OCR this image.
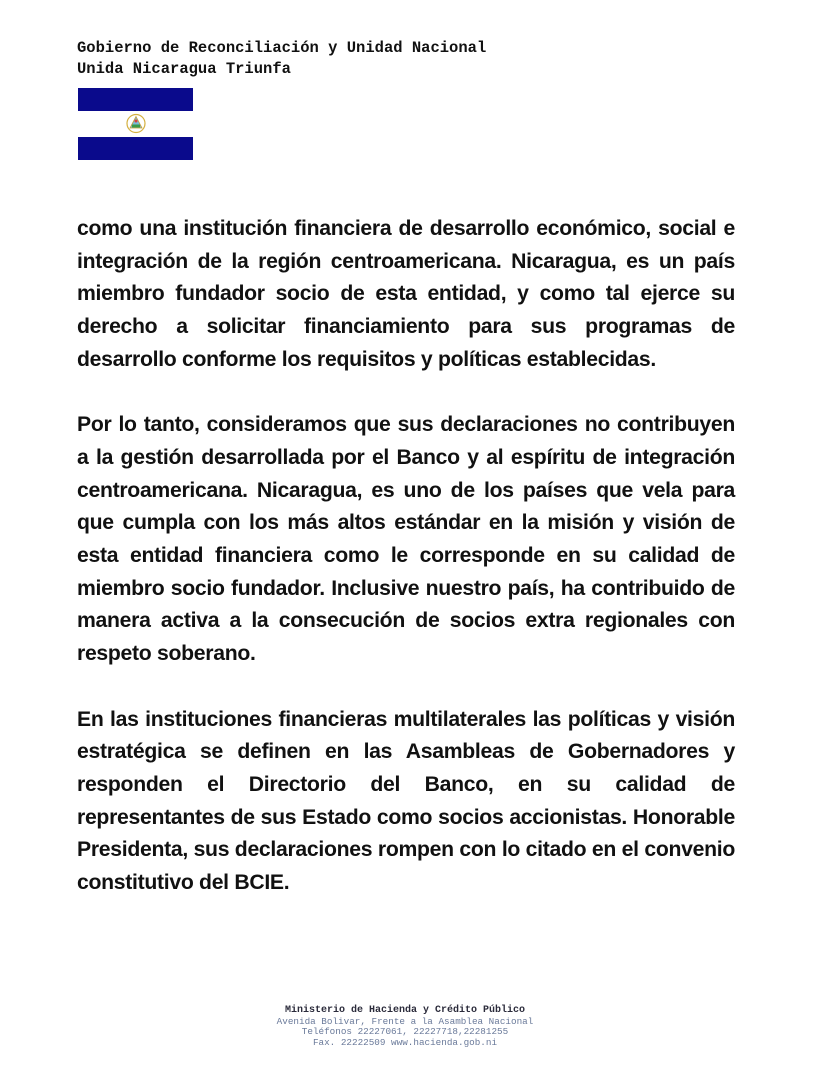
Gobierno de Reconciliación y Unidad Nacional
Unida Nicaragua Triunfa

como una institución financiera de desarrollo económico, social e integración de la región centroamericana. Nicaragua, es un país miembro fundador socio de esta entidad, y como tal ejerce su derecho a solicitar financiamiento para sus programas de desarrollo conforme los requisitos y políticas establecidas.

Por lo tanto, consideramos que sus declaraciones no contribuyen a la gestión desarrollada por el Banco y al espíritu de integración centroamericana. Nicaragua, es uno de los países que vela para que cumpla con los más altos estándar en la misión y visión de esta entidad financiera como le corresponde en su calidad de miembro socio fundador. Inclusive nuestro país, ha contribuido de manera activa a la consecución de socios extra regionales con respeto soberano.

En las instituciones financieras multilaterales las políticas y visión estratégica se definen en las Asambleas de Gobernadores y responden el Directorio del Banco, en su calidad de representantes de sus Estado como socios accionistas. Honorable Presidenta, sus declaraciones rompen con lo citado en el convenio constitutivo del BCIE.

Ministerio de Hacienda y Crédito Público
Avenida Bolivar, Frente a la Asamblea Nacional
Teléfonos 22227061, 22227718,22281255
Fax. 22222509 www.hacienda.gob.ni
